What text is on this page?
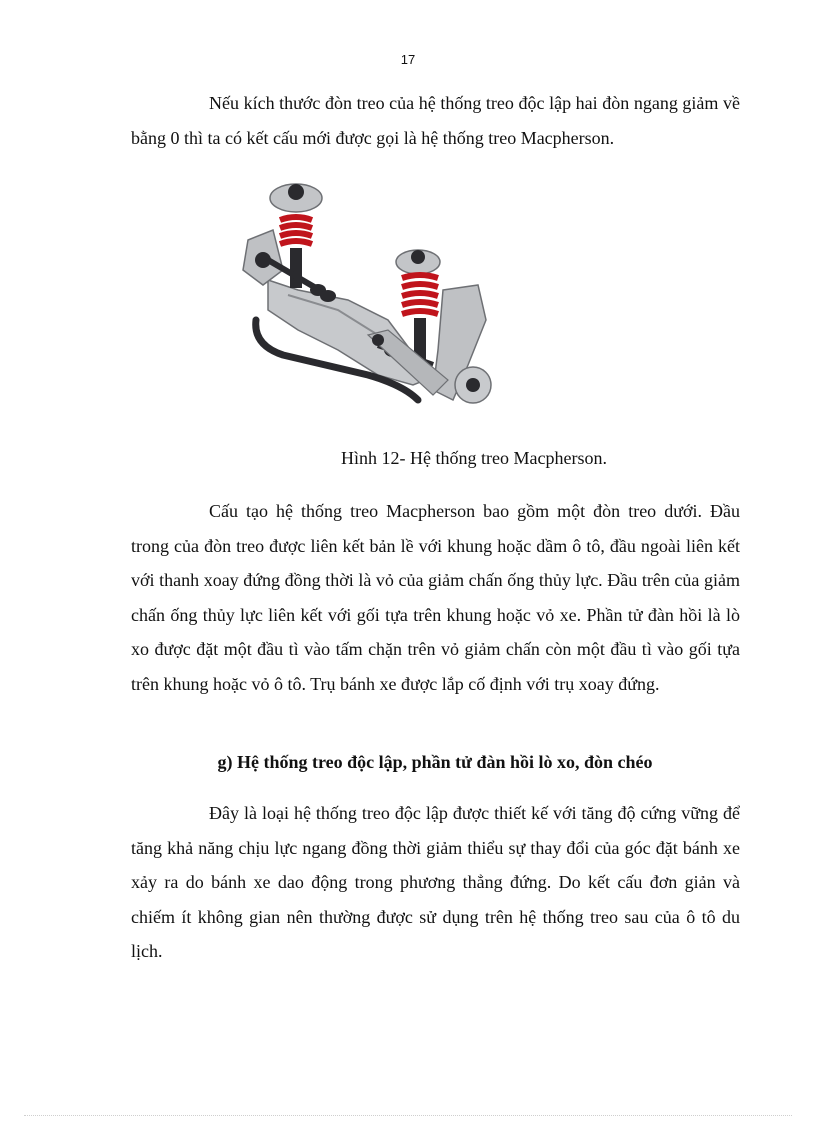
17

Nếu kích thước đòn treo của hệ thống treo độc lập hai đòn ngang giảm về bằng 0 thì ta có kết cấu mới được gọi là hệ thống treo Macpherson.

Hình 12- Hệ thống treo Macpherson.

Cấu tạo hệ thống treo Macpherson bao gồm một đòn treo dưới. Đầu trong của đòn treo được liên kết bản lề với khung hoặc dầm ô tô, đầu ngoài liên kết với thanh xoay đứng đồng thời là vỏ của giảm chấn ống thủy lực. Đầu trên của giảm chấn ống thủy lực liên kết với gối tựa trên khung hoặc vỏ xe. Phần tử đàn hồi là lò xo được đặt một đầu tì vào tấm chặn trên vỏ giảm chấn còn một đầu tì vào gối tựa trên khung hoặc vỏ ô tô. Trụ bánh xe được lắp cố định với trụ xoay đứng.

g) Hệ thống treo độc lập, phần tử đàn hồi lò xo, đòn chéo

Đây là loại hệ thống treo độc lập được thiết kế với tăng độ cứng vững để tăng khả năng chịu lực ngang đồng thời giảm thiểu sự thay đổi của góc đặt bánh xe xảy ra do bánh xe dao động trong phương thẳng đứng. Do kết cấu đơn giản và chiếm ít không gian nên thường được sử dụng trên hệ thống treo sau của ô tô du lịch.
